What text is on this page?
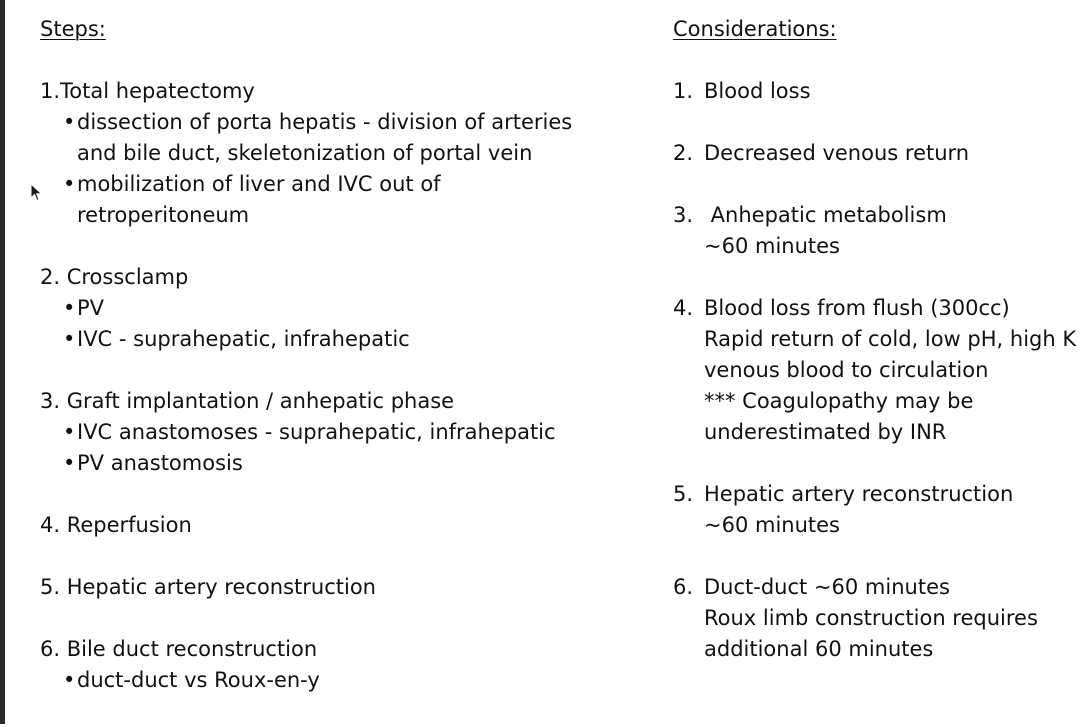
Steps:
1.Total hepatectomy
• dissection of porta hepatis - division of arteries and bile duct, skeletonization of portal vein
• mobilization of liver and IVC out of retroperitoneum
2. Crossclamp
• PV
• IVC - suprahepatic, infrahepatic
3. Graft implantation / anhepatic phase
• IVC anastomoses - suprahepatic, infrahepatic
• PV anastomosis
4. Reperfusion
5. Hepatic artery reconstruction
6. Bile duct reconstruction
• duct-duct vs Roux-en-y
Considerations:
1. Blood loss
2. Decreased venous return
3. Anhepatic metabolism
~60 minutes
4. Blood loss from flush (300cc)
Rapid return of cold, low pH, high K
venous blood to circulation
*** Coagulopathy may be
underestimated by INR
5. Hepatic artery reconstruction
~60 minutes
6. Duct-duct ~60 minutes
Roux limb construction requires
additional 60 minutes
